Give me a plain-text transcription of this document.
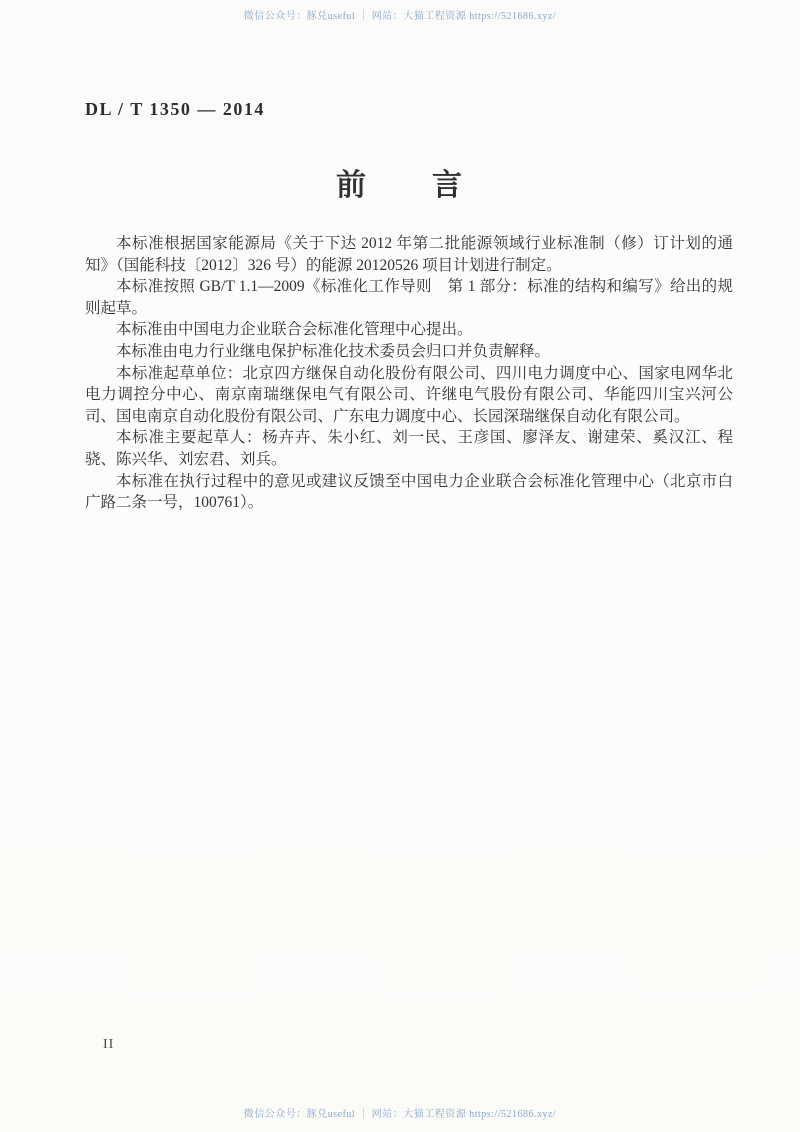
微信公众号：豚兑useful ｜ 网站：大猫工程资源 https://521686.xyz/
DL / T 1350 — 2014
前　　言

本标准根据国家能源局《关于下达 2012 年第二批能源领域行业标准制（修）订计划的通知》（国能科技〔2012〕326 号）的能源 20120526 项目计划进行制定。

本标准按照 GB/T 1.1—2009《标准化工作导则　第 1 部分：标准的结构和编写》给出的规则起草。

本标准由中国电力企业联合会标准化管理中心提出。

本标准由电力行业继电保护标准化技术委员会归口并负责解释。

本标准起草单位：北京四方继保自动化股份有限公司、四川电力调度中心、国家电网华北电力调控分中心、南京南瑞继保电气有限公司、许继电气股份有限公司、华能四川宝兴河公司、国电南京自动化股份有限公司、广东电力调度中心、长园深瑞继保自动化有限公司。

本标准主要起草人：杨卉卉、朱小红、刘一民、王彦国、廖泽友、谢建荣、奚汉江、程骁、陈兴华、刘宏君、刘兵。

本标准在执行过程中的意见或建议反馈至中国电力企业联合会标准化管理中心（北京市白广路二条一号，100761）。

II
微信公众号：豚兑useful ｜ 网站：大猫工程资源 https://521686.xyz/
